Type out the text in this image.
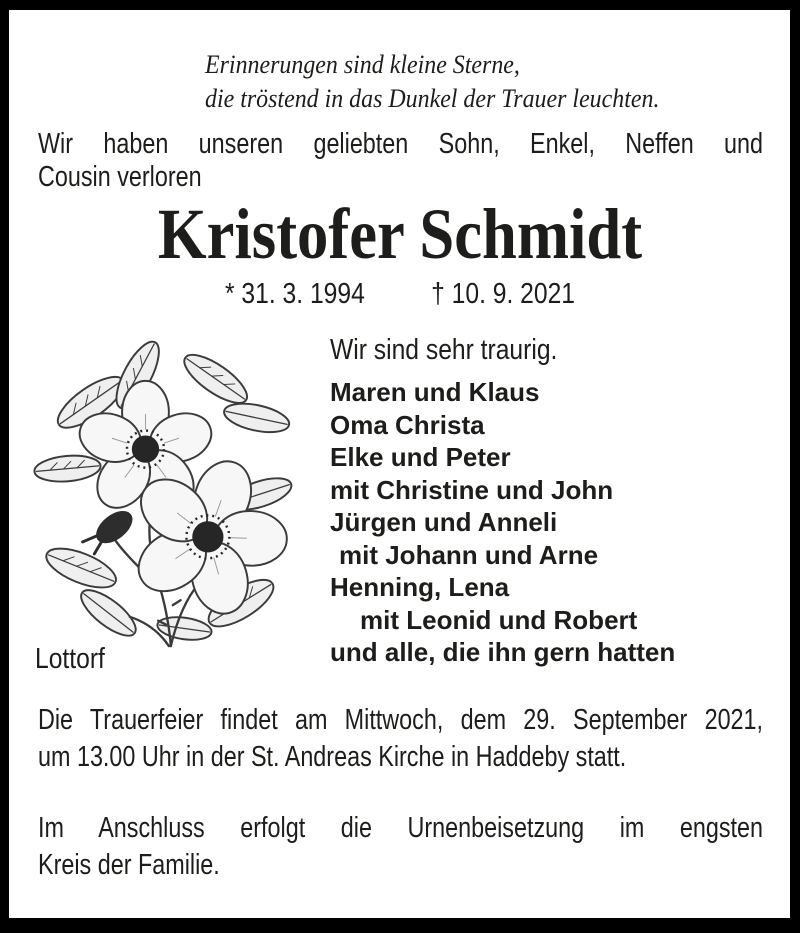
Erinnerungen sind kleine Sterne,
die tröstend in das Dunkel der Trauer leuchten.
Wir haben unseren geliebten Sohn, Enkel, Neffen und
Cousin verloren
Kristofer Schmidt
* 31. 3. 1994 † 10. 9. 2021
Wir sind sehr traurig.
Maren und Klaus
Oma Christa
Elke und Peter
mit Christine und John
Jürgen und Anneli
mit Johann und Arne
Henning, Lena
mit Leonid und Robert
und alle, die ihn gern hatten
Lottorf
Die Trauerfeier findet am Mittwoch, dem 29. September 2021,
um 13.00 Uhr in der St. Andreas Kirche in Haddeby statt.
Im Anschluss erfolgt die Urnenbeisetzung im engsten
Kreis der Familie.
